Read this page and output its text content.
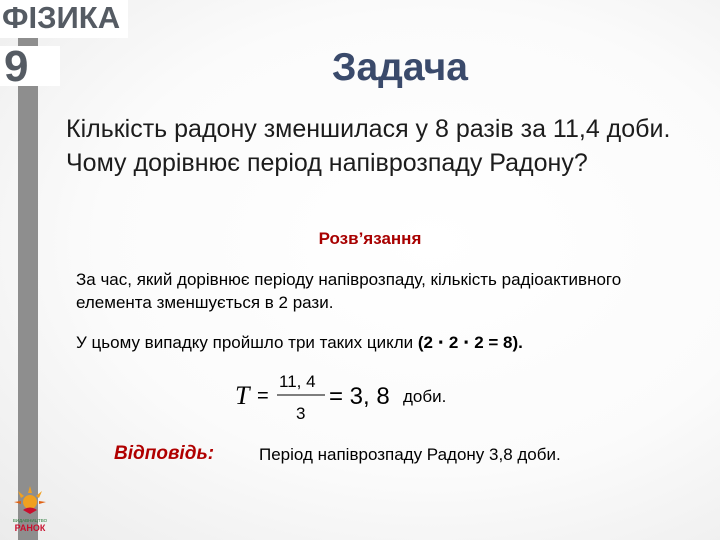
ФIЗИКА
9	Задача
Кількість радону зменшилася у 8 разів за 11,4 доби. Чому дорівнює період напіврозпаду Радону?
Розв’язання
За час, який дорівнює періоду напіврозпаду, кількість радіоактивного елемента зменшується в 2 рази.
У цьому випадку пройшло три таких цикли (2 ⋅ 2 ⋅ 2 = 8).
T =
11, 4
3
= 3, 8 доби.
Відповідь:	Період напіврозпаду Радону 3,8 доби.
ВИДАВНИЦТВО
РАНОК
